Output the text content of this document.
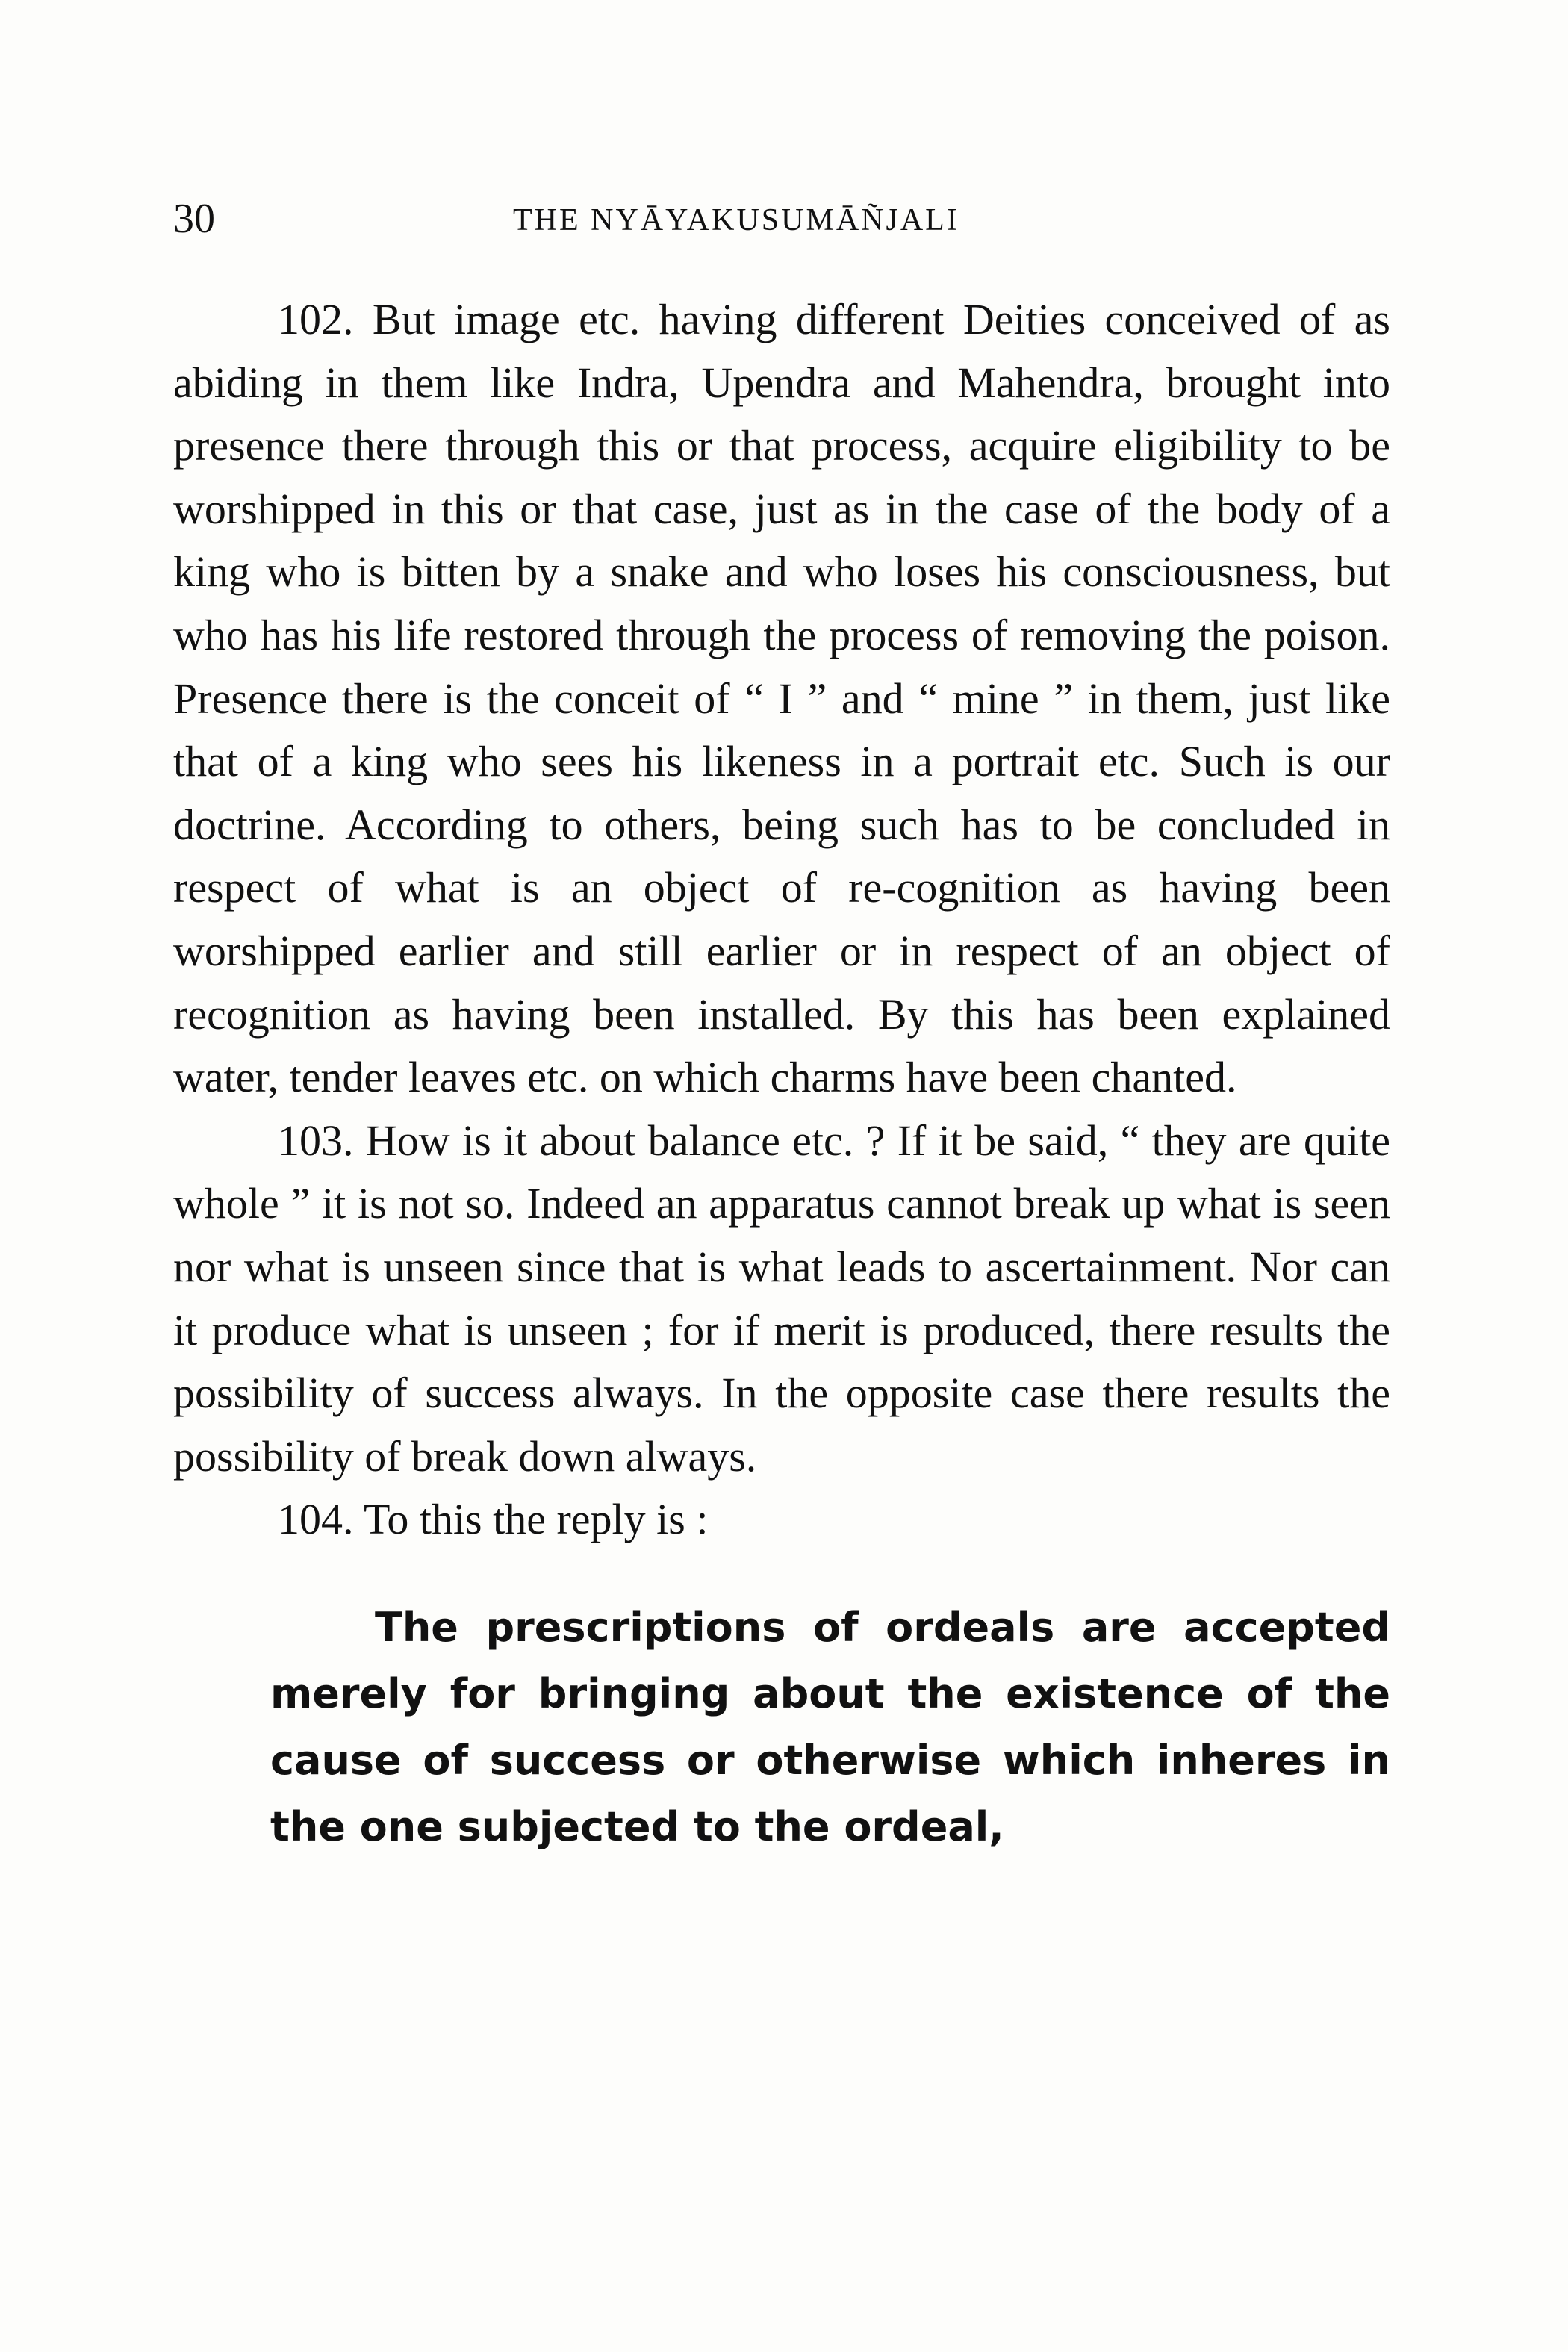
30	THE NYĀYAKUSUMĀÑJALI

102. But image etc. having different Deities conceived of as abiding in them like Indra, Upendra and Mahendra, brought into presence there through this or that process, acquire eligibility to be worshipped in this or that case, just as in the case of the body of a king who is bitten by a snake and who loses his consciousness, but who has his life restored through the process of removing the poison. Presence there is the conceit of “ I ” and “ mine ” in them, just like that of a king who sees his likeness in a portrait etc. Such is our doctrine. According to others, being such has to be concluded in respect of what is an object of re-cognition as having been worshipped earlier and still earlier or in respect of an object of recognition as having been installed. By this has been explained water, tender leaves etc. on which charms have been chanted.

103. How is it about balance etc. ? If it be said, “ they are quite whole ” it is not so. Indeed an apparatus cannot break up what is seen nor what is unseen since that is what leads to ascertainment. Nor can it produce what is unseen ; for if merit is produced, there results the possibility of success always. In the opposite case there results the possibility of break down always.

104. To this the reply is :

The prescriptions of ordeals are accepted merely for bringing about the existence of the cause of success or otherwise which inheres in the one subjected to the ordeal,
